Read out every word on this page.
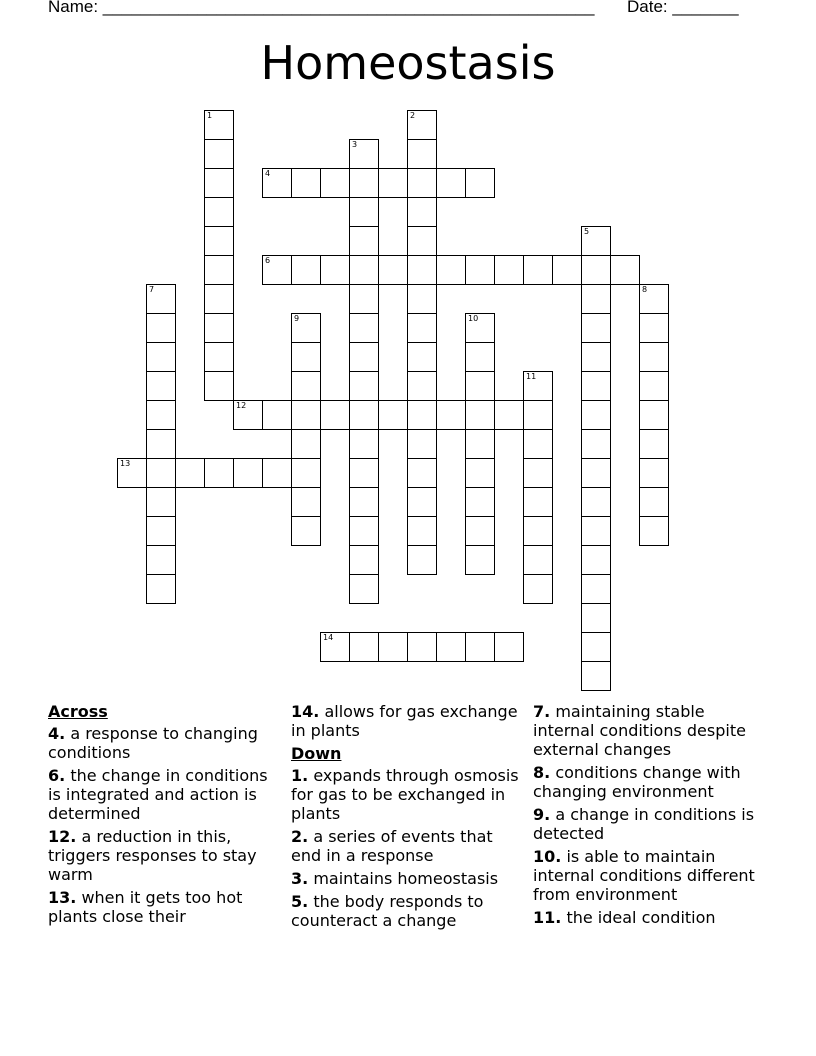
Name: ____________________________________________________ Date: _______
Homeostasis
1	2
3
4
5
6
7	8
9	10
11
12
13
14
Across
4. a response to changing conditions
6. the change in conditions is integrated and action is determined
12. a reduction in this, triggers responses to stay warm
13. when it gets too hot plants close their
14. allows for gas exchange in plants
Down
1. expands through osmosis for gas to be exchanged in plants
2. a series of events that end in a response
3. maintains homeostasis
5. the body responds to counteract a change
7. maintaining stable internal conditions despite external changes
8. conditions change with changing environment
9. a change in conditions is detected
10. is able to maintain internal conditions different from environment
11. the ideal condition
